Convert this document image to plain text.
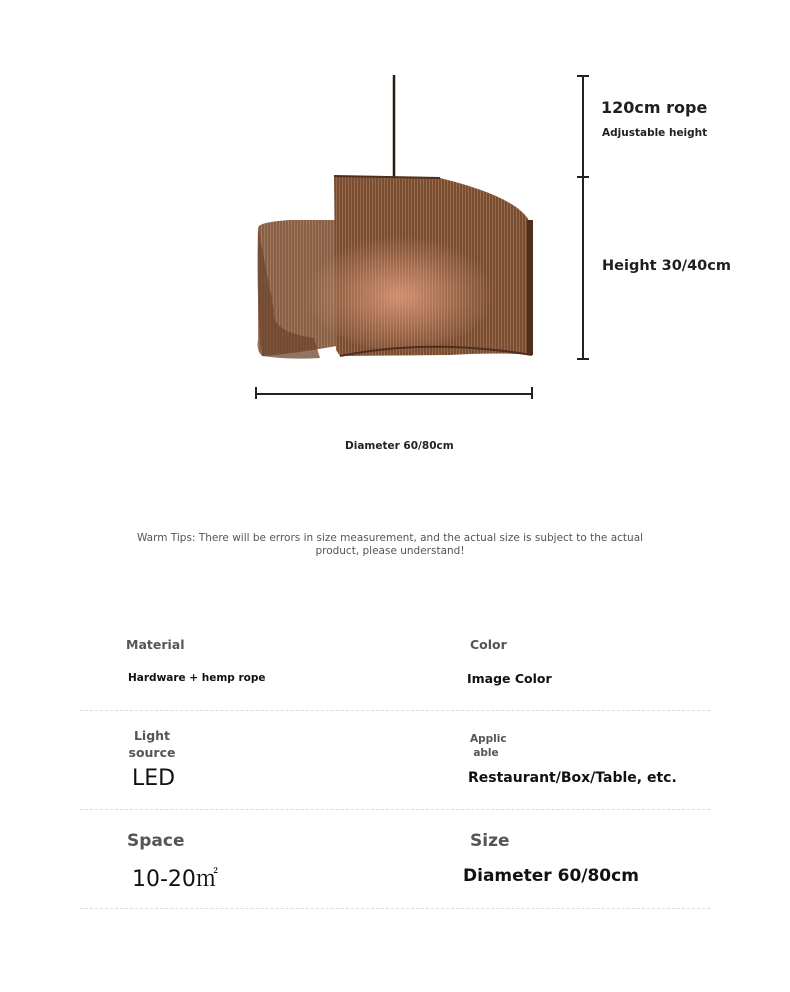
120cm rope
Adjustable height
Height 30/40cm
Diameter 60/80cm
Warm Tips: There will be errors in size measurement, and the actual size is subject to the actual product, please understand!
Material
Hardware + hemp rope
Color
Image Color
Light
source
LED
Applic
able
Restaurant/Box/Table, etc.
Space
10-20㎡
Size
Diameter 60/80cm
